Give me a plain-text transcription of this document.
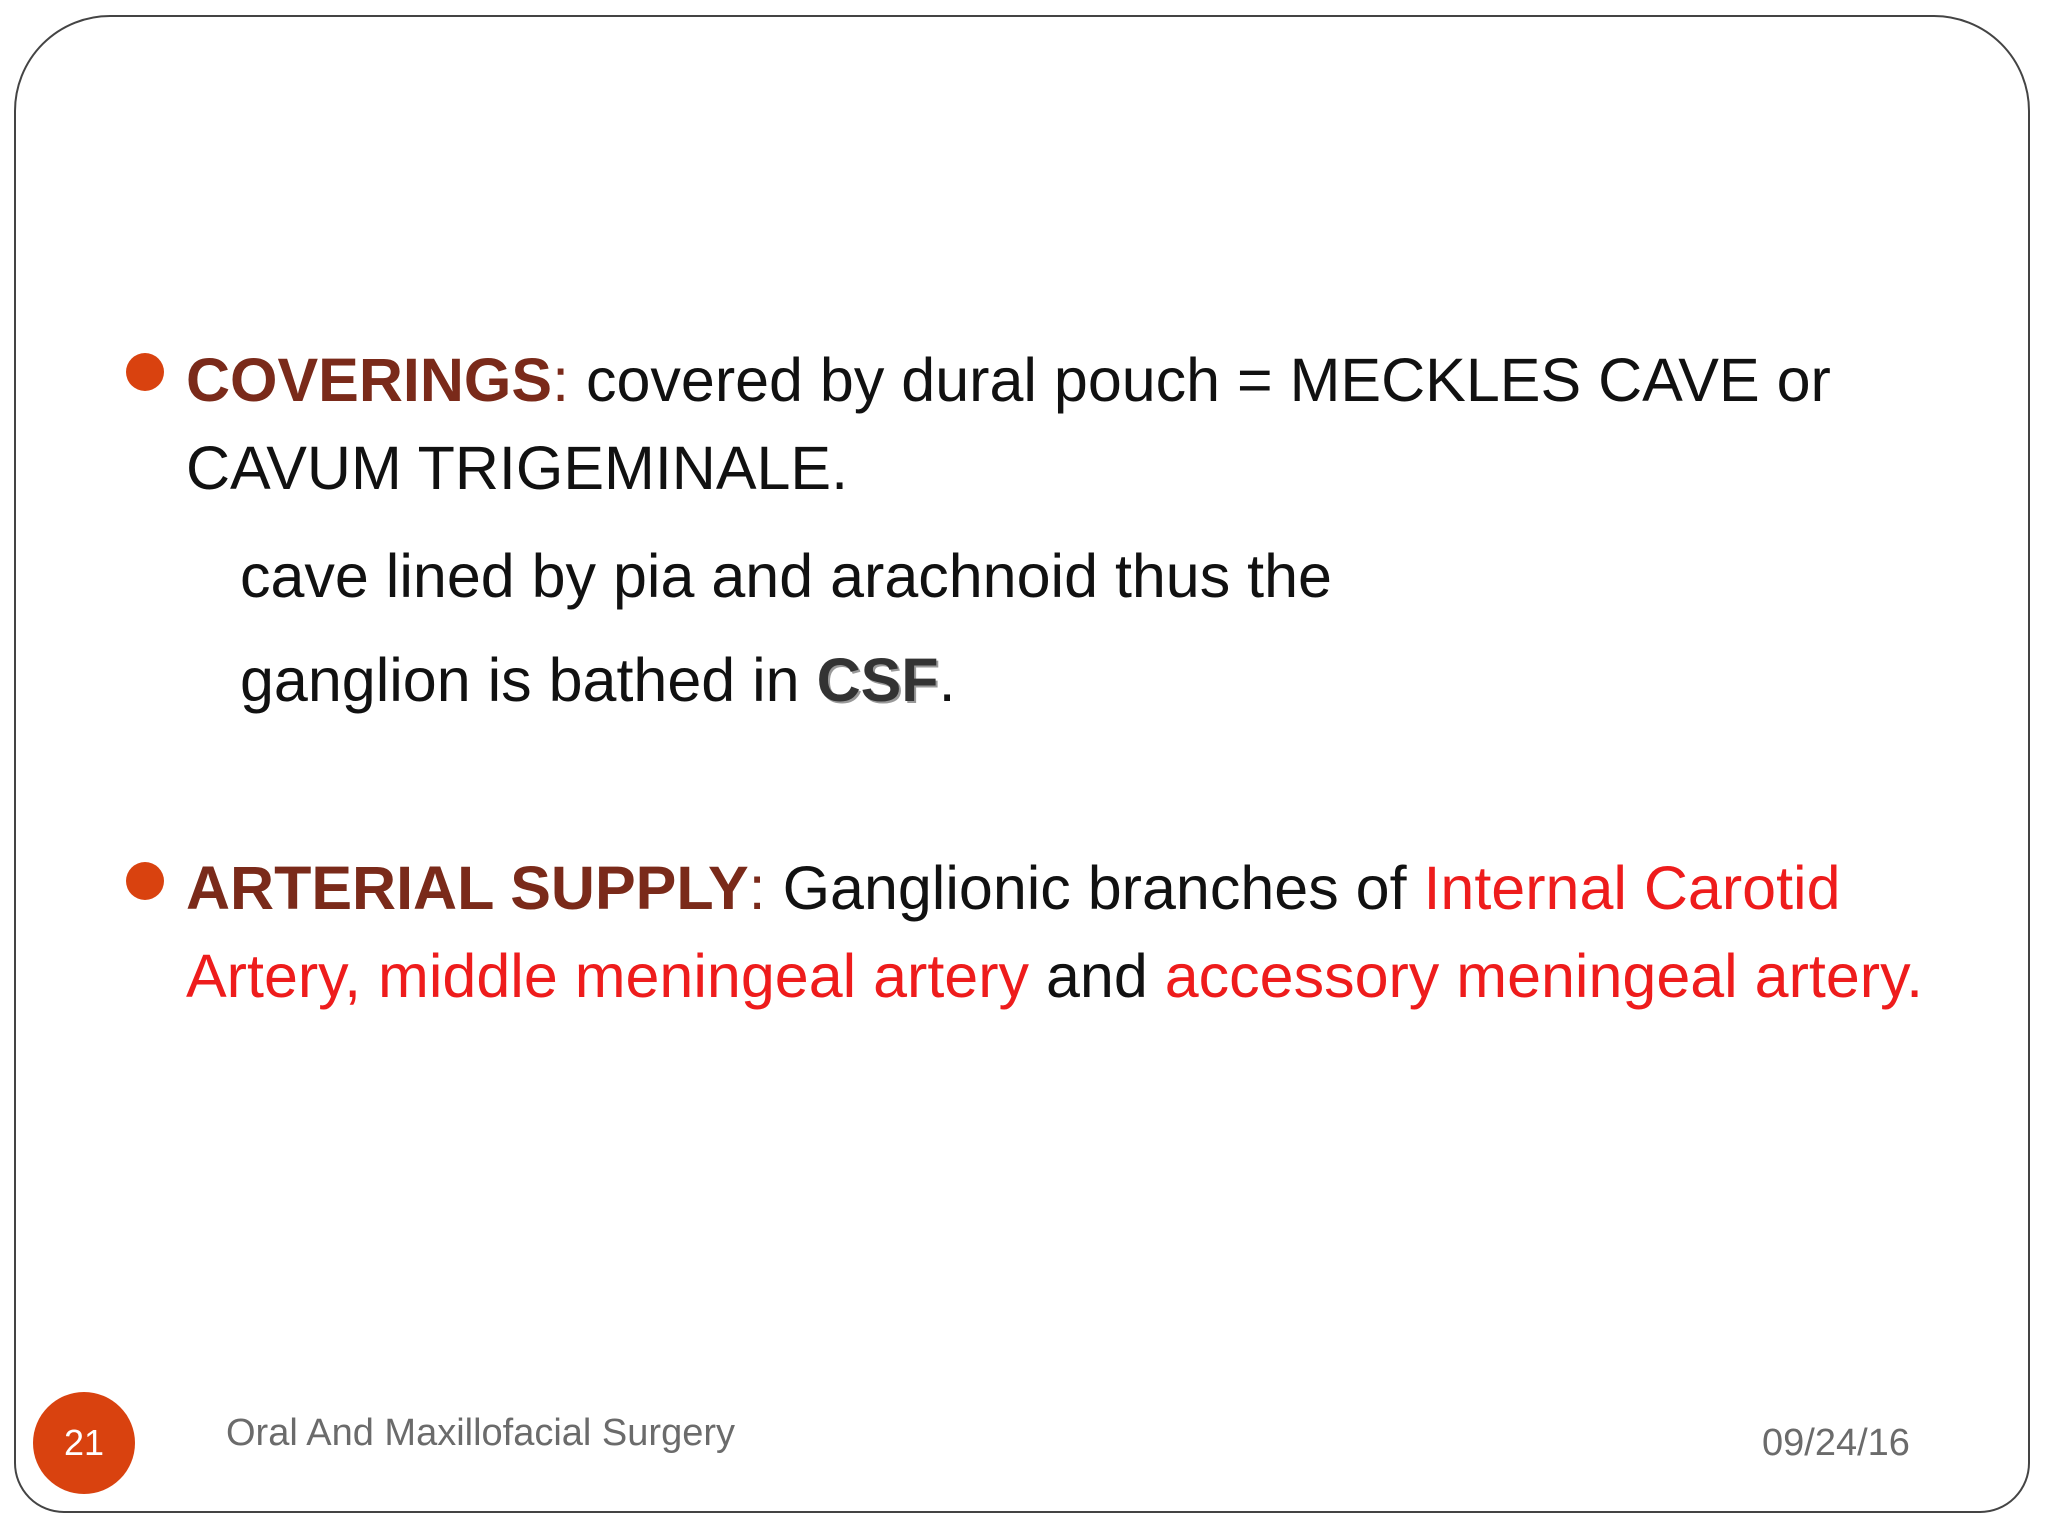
COVERINGS: covered by dural pouch = MECKLES CAVE or CAVUM TRIGEMINALE.
cave lined by pia and arachnoid thus the
ganglion is bathed in CSF.
ARTERIAL SUPPLY: Ganglionic branches of Internal Carotid            Artery, middle meningeal artery and accessory meningeal artery.
21	Oral And Maxillofacial Surgery	09/24/16
